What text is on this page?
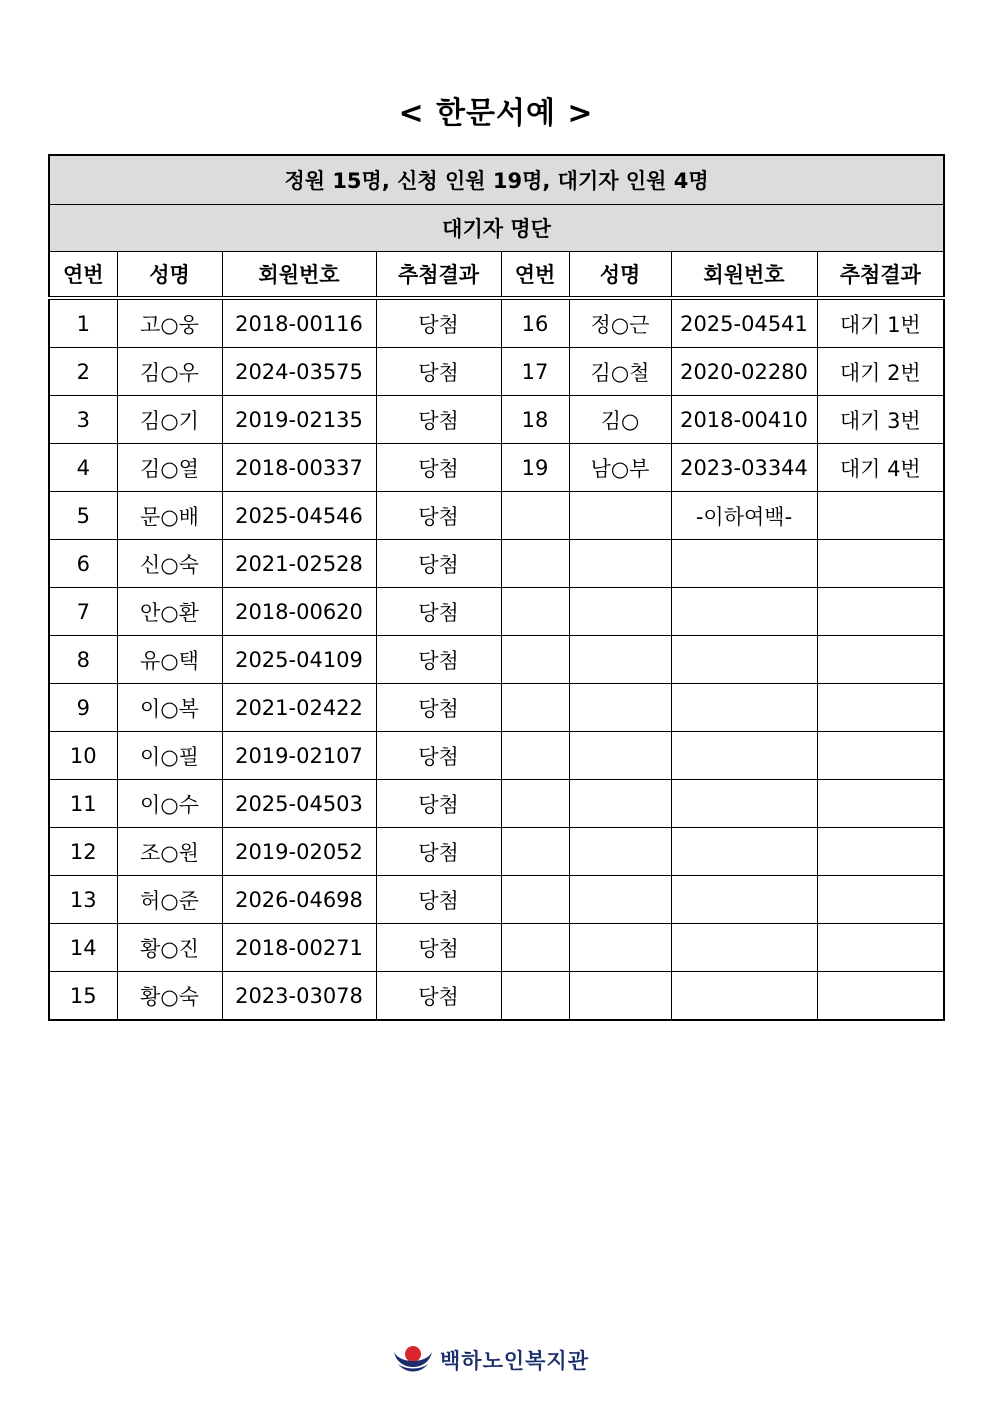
< 한문서예 >
정원 15명, 신청 인원 19명, 대기자 인원 4명							
대기자 명단							
연번	성명	회원번호	추첨결과	연번	성명	회원번호	추첨결과
1	고○웅	2018-00116	당첨	16	정○근	2025-04541	대기 1번
2	김○우	2024-03575	당첨	17	김○철	2020-02280	대기 2번
3	김○기	2019-02135	당첨	18	김○	2018-00410	대기 3번
4	김○열	2018-00337	당첨	19	남○부	2023-03344	대기 4번
5	문○배	2025-04546	당첨			-이하여백-	
6	신○숙	2021-02528	당첨				
7	안○환	2018-00620	당첨				
8	유○택	2025-04109	당첨				
9	이○복	2021-02422	당첨				
10	이○필	2019-02107	당첨				
11	이○수	2025-04503	당첨				
12	조○원	2019-02052	당첨				
13	허○준	2026-04698	당첨				
14	황○진	2018-00271	당첨				
15	황○숙	2023-03078	당첨				
백하노인복지관
